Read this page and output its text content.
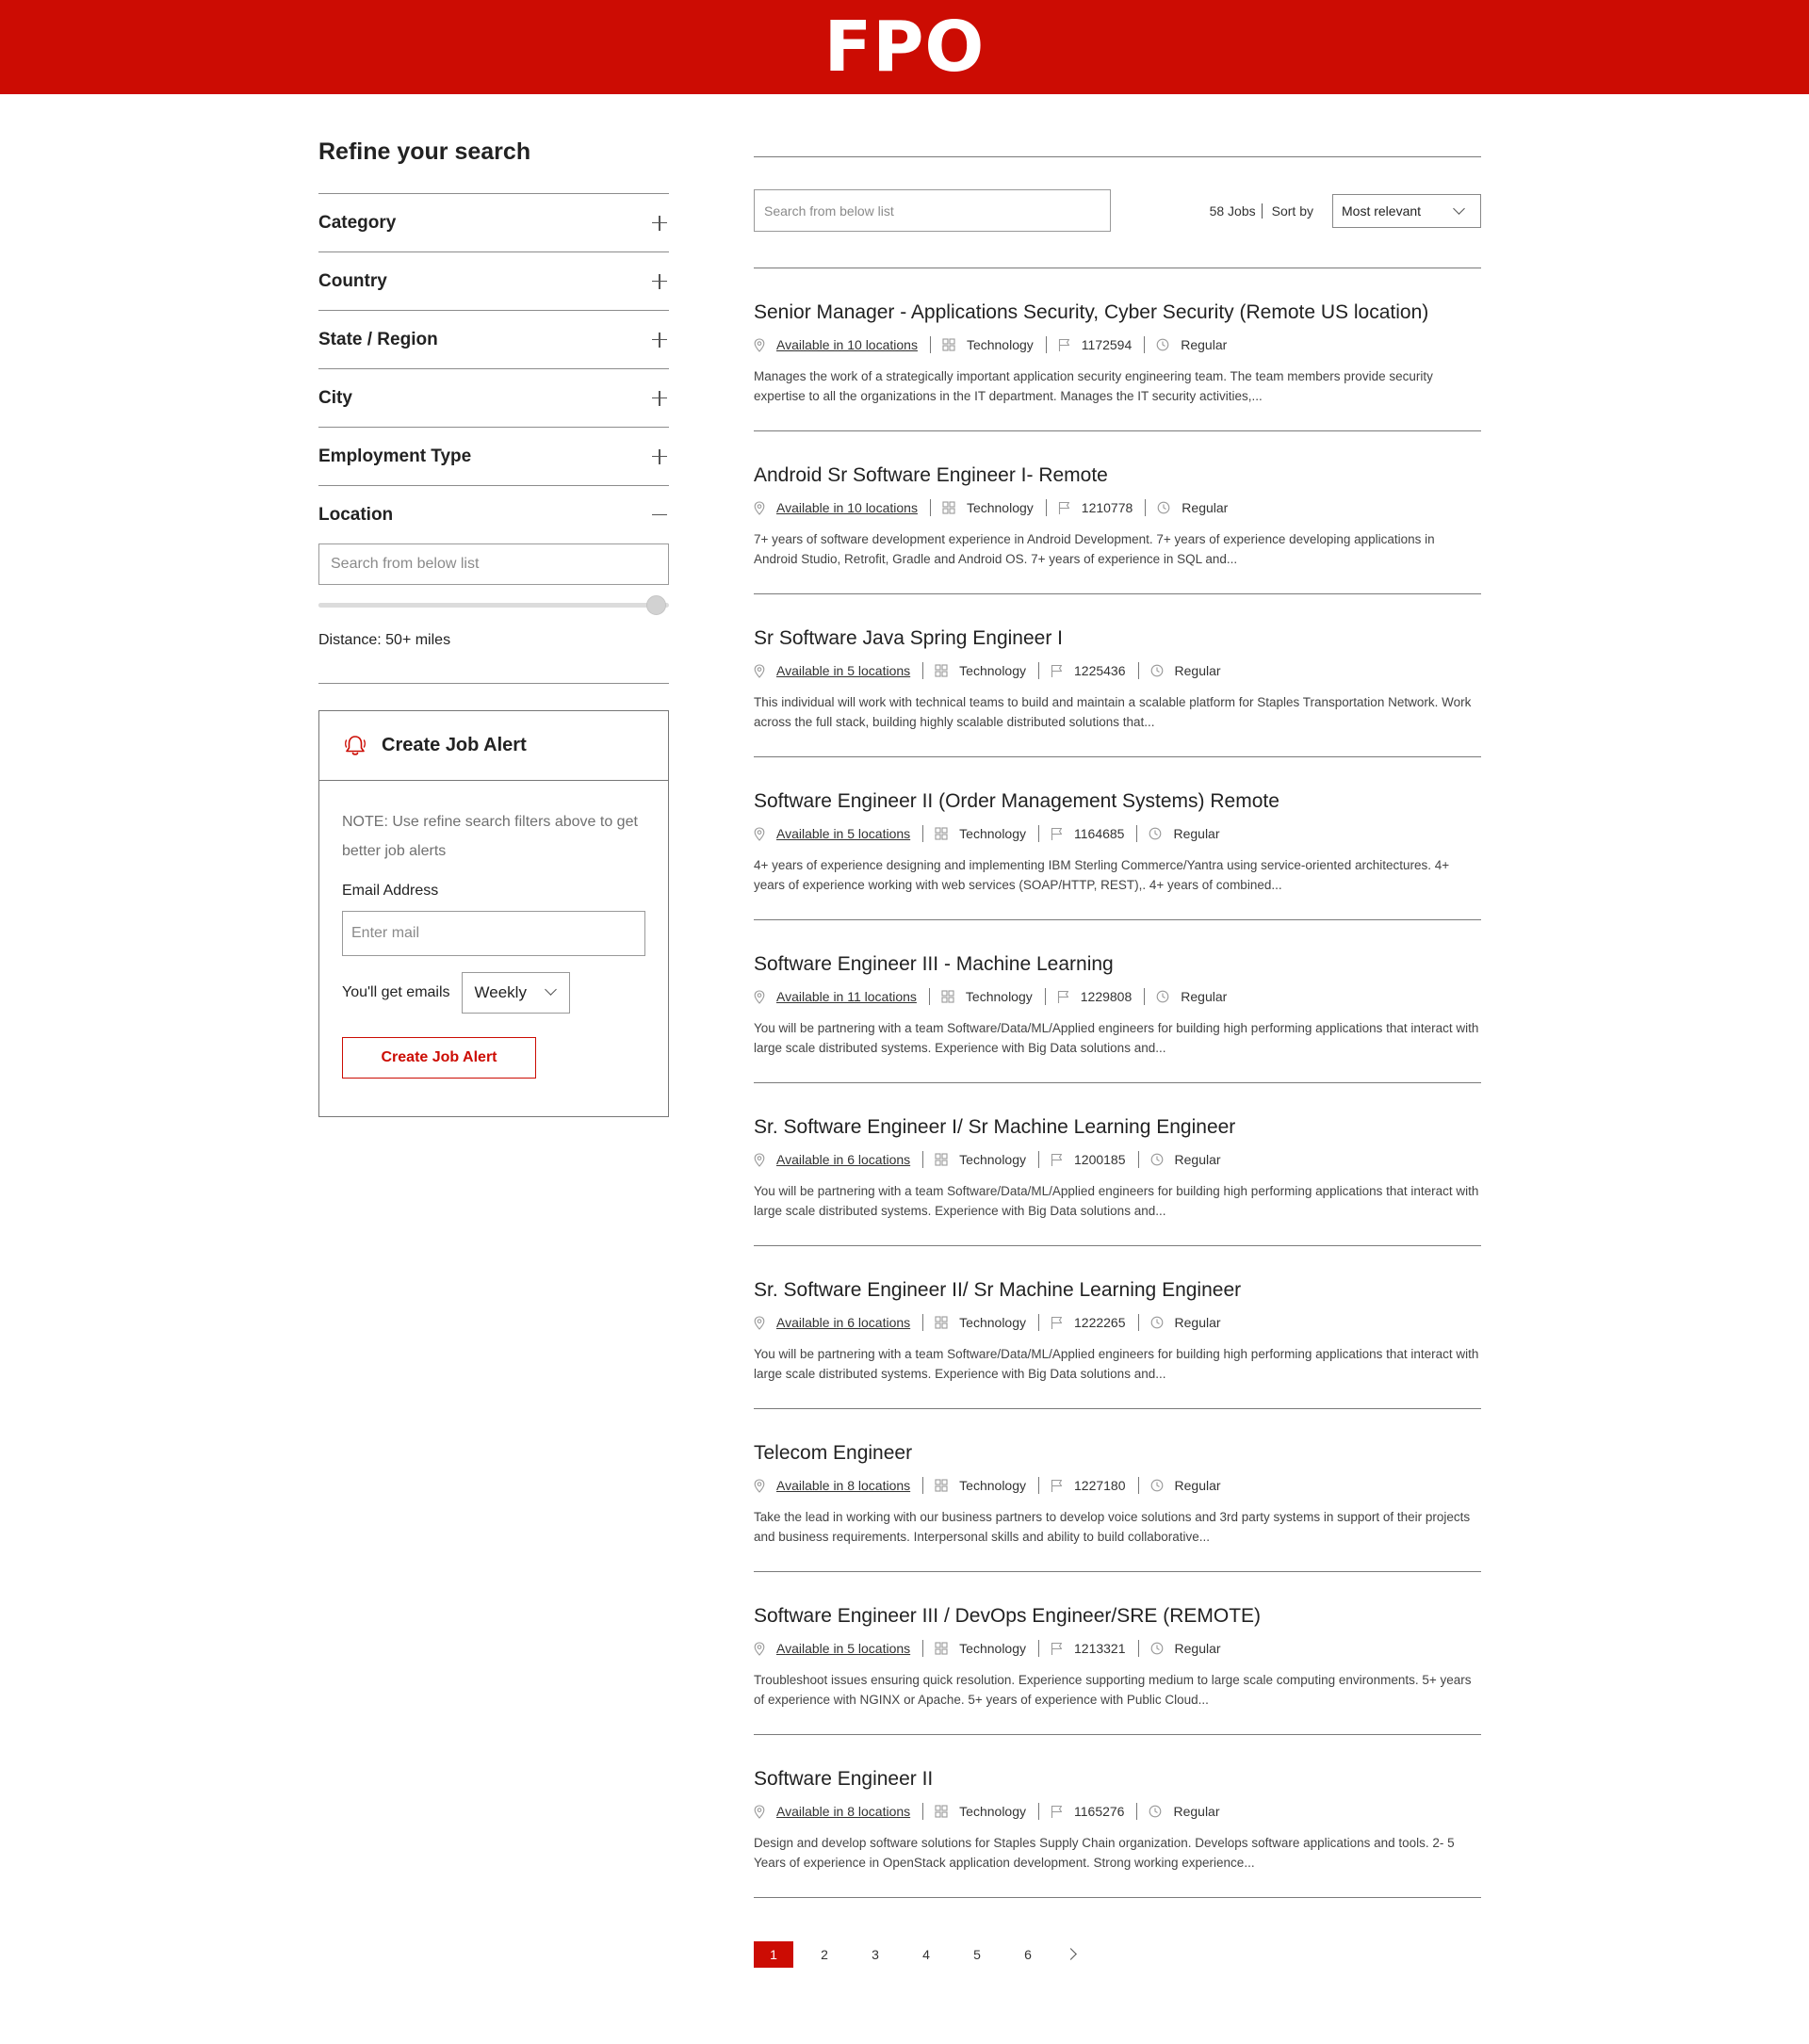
FPO
Refine your search
Category
Country
State / Region
City
Employment Type
Location
Search from below list
Distance: 50+ miles
Create Job Alert
NOTE: Use refine search filters above to get better job alerts
Email Address
Enter mail
You'll get emails Weekly
Create Job Alert
Search from below list
58 Jobs	Sort by Most relevant
Senior Manager - Applications Security, Cyber Security (Remote US location)
Available in 10 locations	Technology	1172594	Regular
Manages the work of a strategically important application security engineering team. The team members provide security expertise to all the organizations in the IT department. Manages the IT security activities,...
Android Sr Software Engineer I- Remote
Available in 10 locations	Technology	1210778	Regular
7+ years of software development experience in Android Development. 7+ years of experience developing applications in Android Studio, Retrofit, Gradle and Android OS. 7+ years of experience in SQL and...
Sr Software Java Spring Engineer I
Available in 5 locations	Technology	1225436	Regular
This individual will work with technical teams to build and maintain a scalable platform for Staples Transportation Network. Work across the full stack, building highly scalable distributed solutions that...
Software Engineer II (Order Management Systems) Remote
Available in 5 locations	Technology	1164685	Regular
4+ years of experience designing and implementing IBM Sterling Commerce/Yantra using service-oriented architectures. 4+ years of experience working with web services (SOAP/HTTP, REST),. 4+ years of combined...
Software Engineer III - Machine Learning
Available in 11 locations	Technology	1229808	Regular
You will be partnering with a team Software/Data/ML/Applied engineers for building high performing applications that interact with large scale distributed systems. Experience with Big Data solutions and...
Sr. Software Engineer I/ Sr Machine Learning Engineer
Available in 6 locations	Technology	1200185	Regular
You will be partnering with a team Software/Data/ML/Applied engineers for building high performing applications that interact with large scale distributed systems. Experience with Big Data solutions and...
Sr. Software Engineer II/ Sr Machine Learning Engineer
Available in 6 locations	Technology	1222265	Regular
You will be partnering with a team Software/Data/ML/Applied engineers for building high performing applications that interact with large scale distributed systems. Experience with Big Data solutions and...
Telecom Engineer
Available in 8 locations	Technology	1227180	Regular
Take the lead in working with our business partners to develop voice solutions and 3rd party systems in support of their projects and business requirements. Interpersonal skills and ability to build collaborative...
Software Engineer III / DevOps Engineer/SRE (REMOTE)
Available in 5 locations	Technology	1213321	Regular
Troubleshoot issues ensuring quick resolution. Experience supporting medium to large scale computing environments. 5+ years of experience with NGINX or Apache. 5+ years of experience with Public Cloud...
Software Engineer II
Available in 8 locations	Technology	1165276	Regular
Design and develop software solutions for Staples Supply Chain organization. Develops software applications and tools. 2- 5 Years of experience in OpenStack application development. Strong working experience...
1	2	3	4	5	6
